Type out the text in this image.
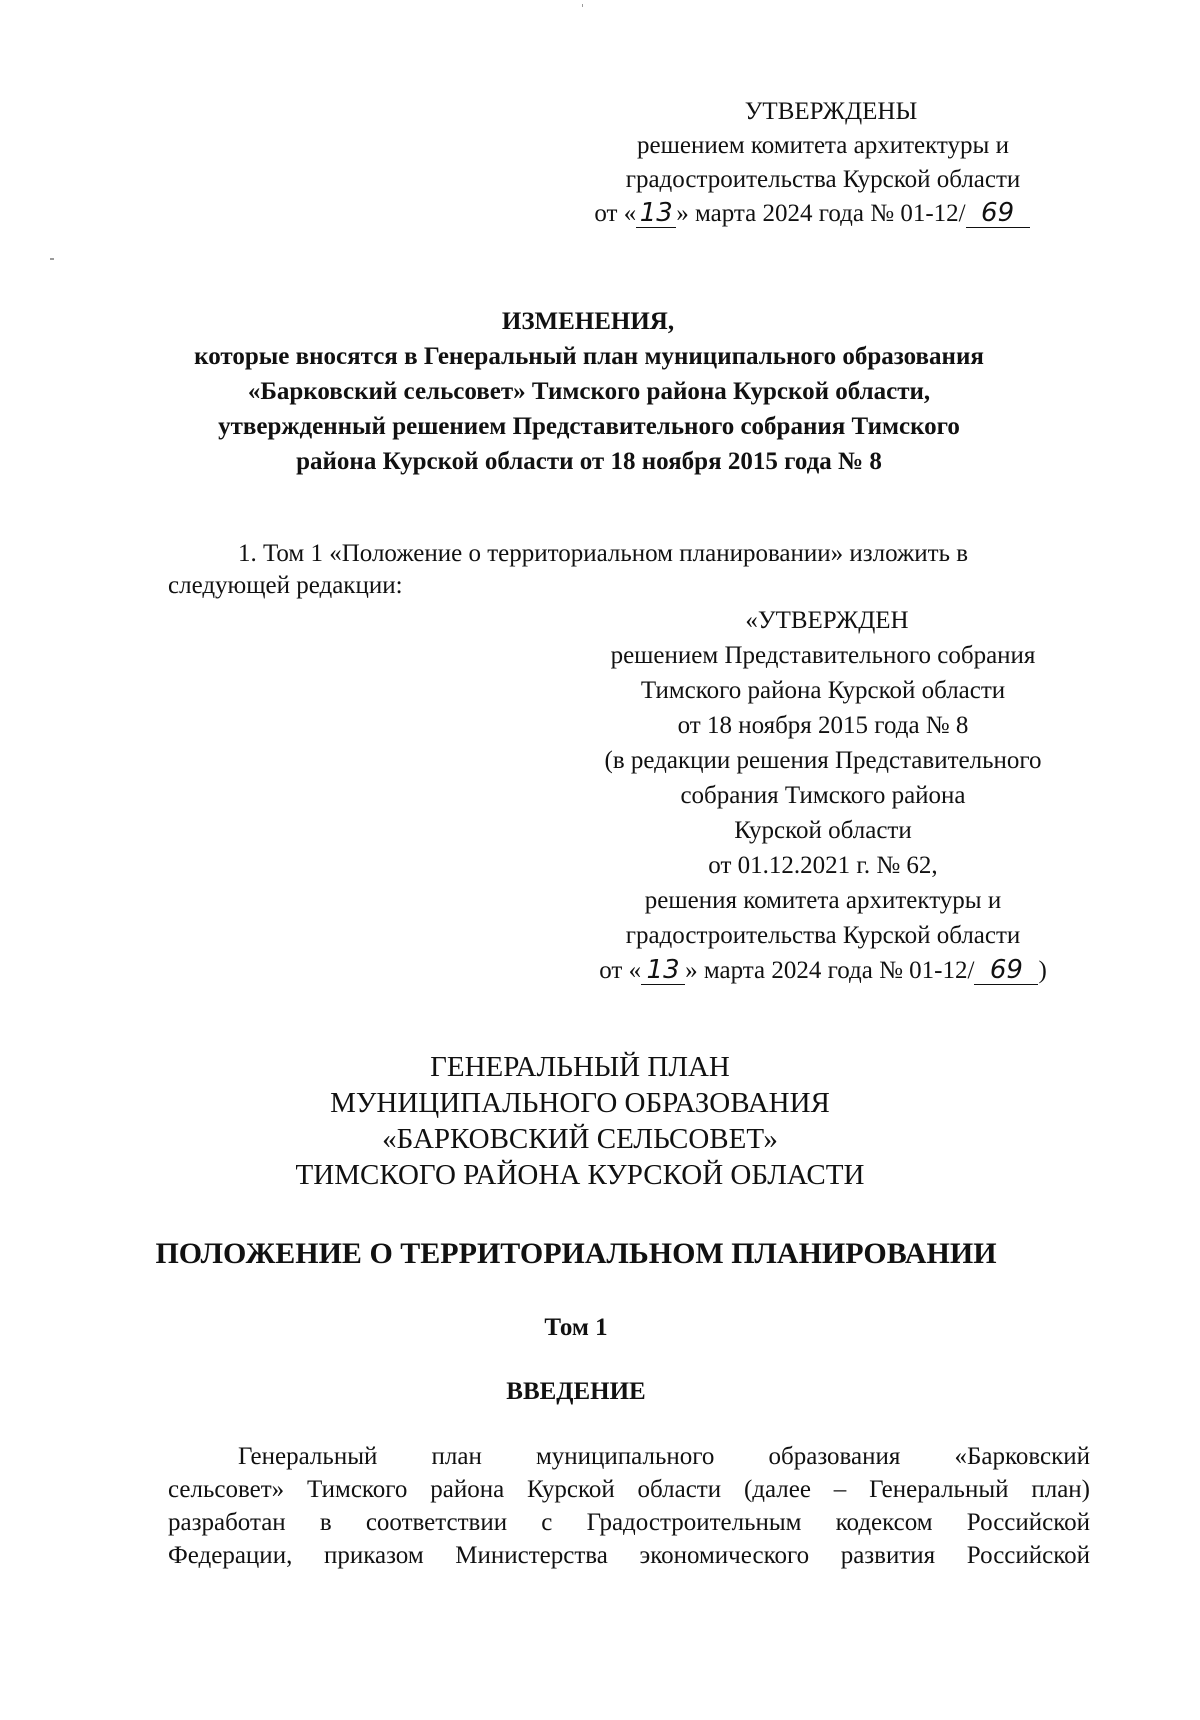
УТВЕРЖДЕНЫ
решением комитета архитектуры и
градостроительства Курской области
от « 13 » марта 2024 года № 01-12/ 69
ИЗМЕНЕНИЯ,
которые вносятся в Генеральный план муниципального образования
«Барковский сельсовет» Тимского района Курской области,
утвержденный решением Представительного собрания Тимского
района Курской области от 18 ноября 2015 года № 8
1. Том 1 «Положение о территориальном планировании» изложить в
следующей редакции:
«УТВЕРЖДЕН
решением Представительного собрания
Тимского района Курской области
от 18 ноября 2015 года № 8
(в редакции решения Представительного
собрания Тимского района
Курской области
от 01.12.2021 г. № 62,
решения комитета архитектуры и
градостроительства Курской области
от « 13 » марта 2024 года № 01-12/ 69 )
ГЕНЕРАЛЬНЫЙ ПЛАН
МУНИЦИПАЛЬНОГО ОБРАЗОВАНИЯ
«БАРКОВСКИЙ СЕЛЬСОВЕТ»
ТИМСКОГО РАЙОНА КУРСКОЙ ОБЛАСТИ
ПОЛОЖЕНИЕ О ТЕРРИТОРИАЛЬНОМ ПЛАНИРОВАНИИ
Том 1
ВВЕДЕНИЕ
Генеральный план муниципального образования «Барковский
сельсовет» Тимского района Курской области (далее – Генеральный план)
разработан в соответствии с Градостроительным кодексом Российской
Федерации, приказом Министерства экономического развития Российской
